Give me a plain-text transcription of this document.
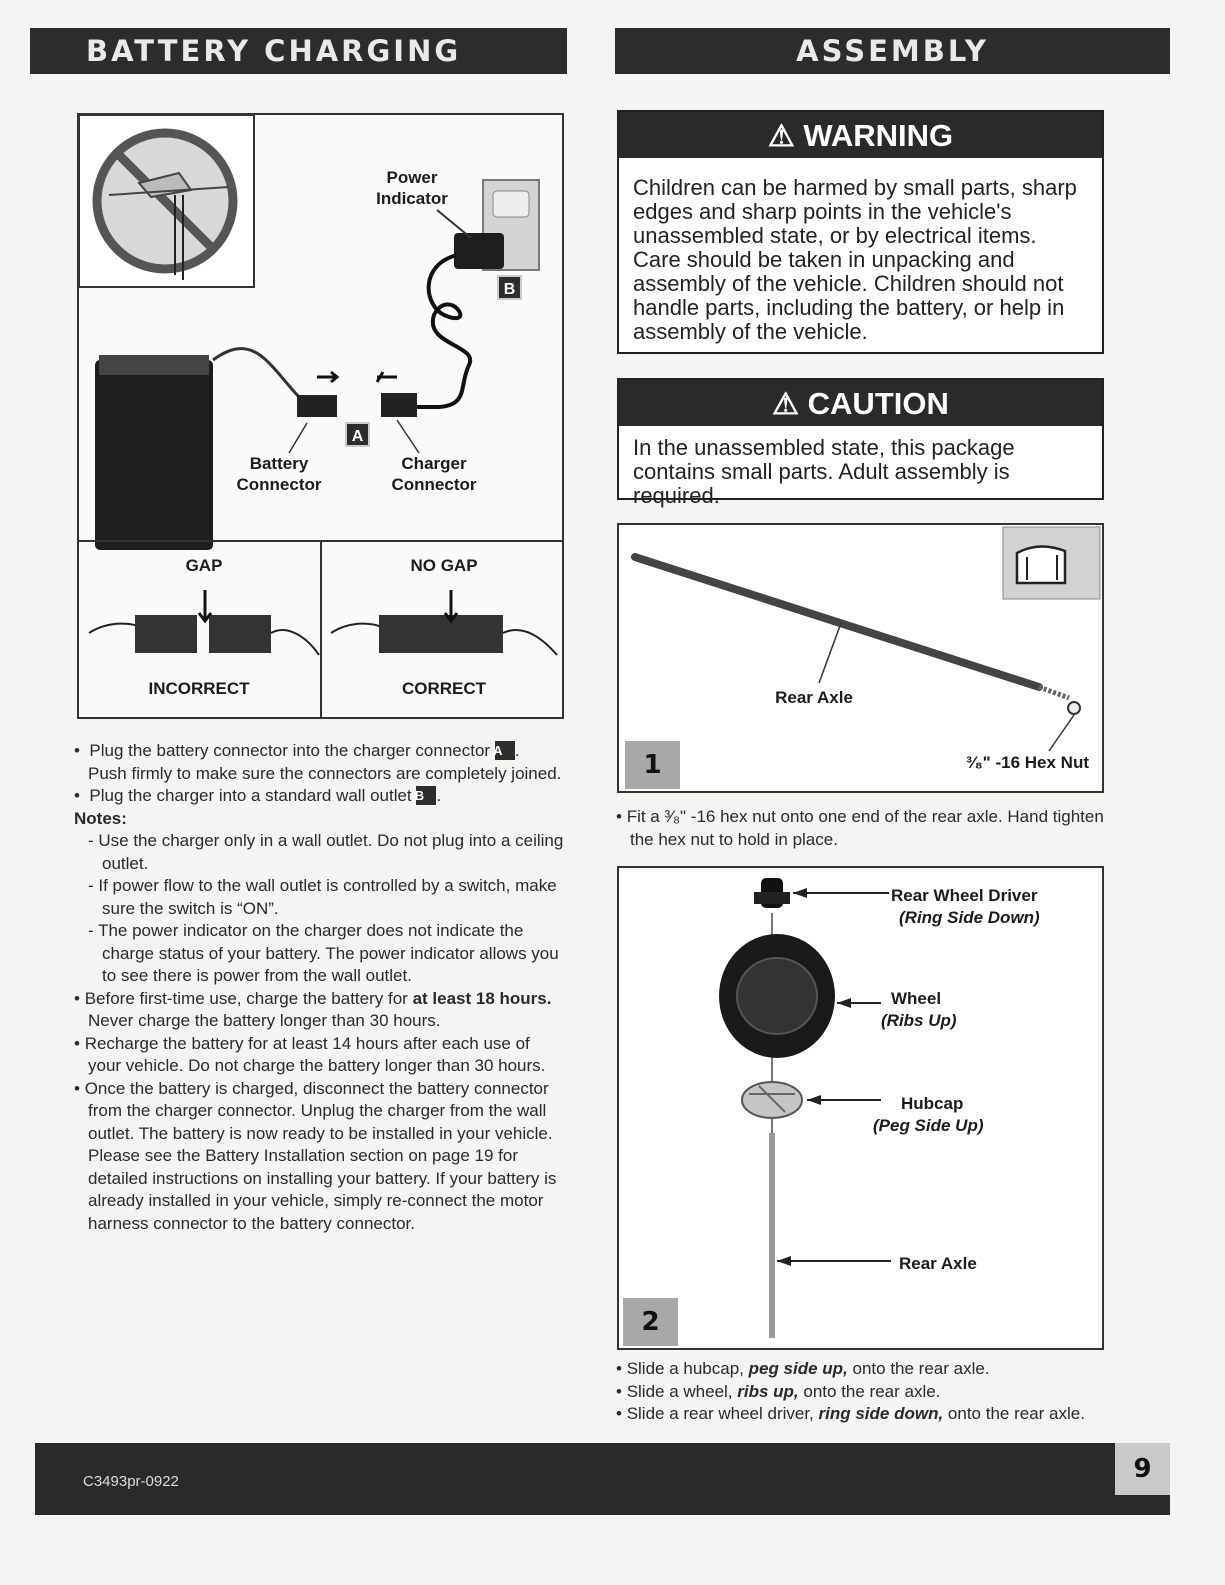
BATTERY CHARGING	ASSEMBLY
Power
Indicator
B
A
Battery
Connector
Charger
Connector
GAP	NO GAP
INCORRECT	CORRECT

•  Plug the battery connector into the charger connector A .
Push firmly to make sure the connectors are completely joined.

•  Plug the charger into a standard wall outlet B .

Notes:

- Use the charger only in a wall outlet. Do not plug into a ceiling outlet.

- If power flow to the wall outlet is controlled by a switch, make sure the switch is “ON”.

- The power indicator on the charger does not indicate the charge status of your battery. The power indicator allows you to see there is power from the wall outlet.

• Before first-time use, charge the battery for at least 18 hours. Never charge the battery longer than 30 hours.

• Recharge the battery for at least 14 hours after each use of your vehicle. Do not charge the battery longer than 30 hours.

• Once the battery is charged, disconnect the battery connector from the charger connector. Unplug the charger from the wall outlet. The battery is now ready to be installed in your vehicle. Please see the Battery Installation section on page 19 for detailed instructions on installing your battery. If your battery is already installed in your vehicle, simply re-connect the motor harness connector to the battery connector.

⚠ WARNING
Children can be harmed by small parts, sharp edges and sharp points in the vehicle's unassembled state, or by electrical items. Care should be taken in unpacking and assembly of the vehicle. Children should not handle parts, including the battery, or help in assembly of the vehicle.
⚠ CAUTION
In the unassembled state, this package contains small parts. Adult assembly is required.
Rear Axle
³⁄₈" -16 Hex Nut
1

• Fit a ³⁄₈" -16 hex nut onto one end of the rear axle. Hand tighten the hex nut to hold in place.

Rear Wheel Driver
(Ring Side Down)
Wheel
(Ribs Up)
Hubcap
(Peg Side Up)
Rear Axle
2

• Slide a hubcap, peg side up, onto the rear axle.

• Slide a wheel, ribs up, onto the rear axle.

• Slide a rear wheel driver, ring side down, onto the rear axle.

C3493pr-0922	9
